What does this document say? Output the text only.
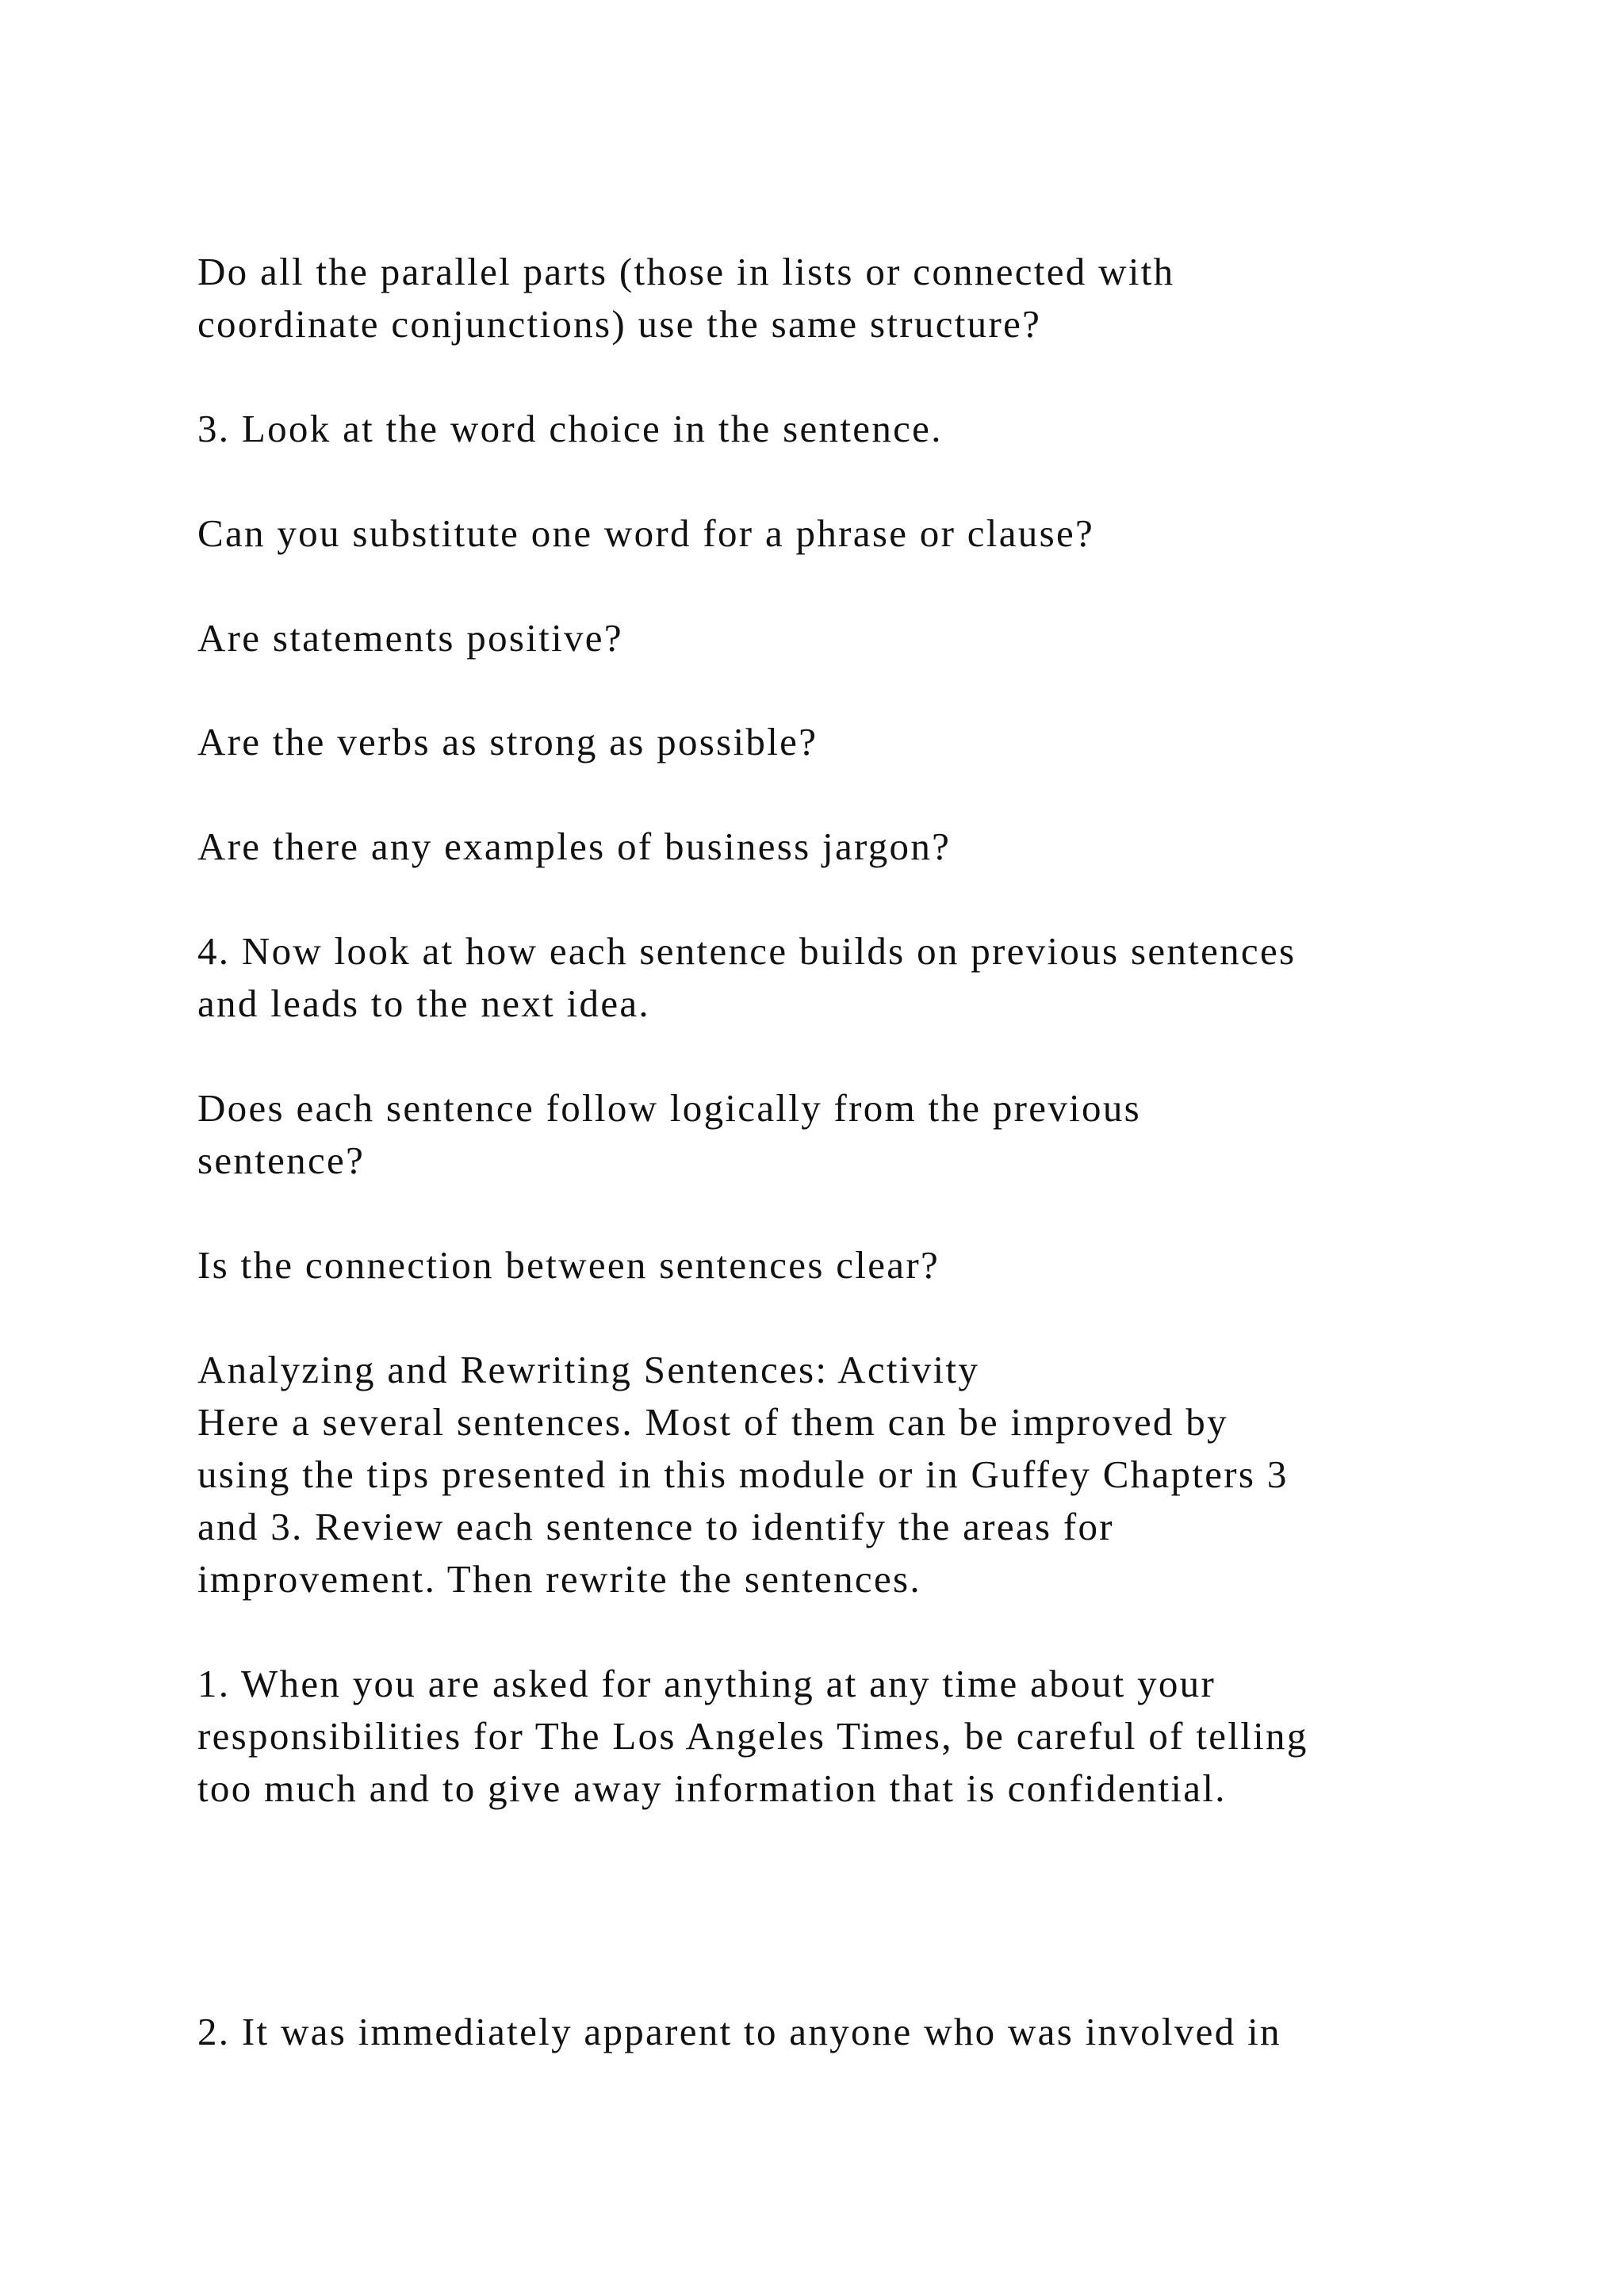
Do all the parallel parts (those in lists or connected with

coordinate conjunctions) use the same structure?

3. Look at the word choice in the sentence.

Can you substitute one word for a phrase or clause?

Are statements positive?

Are the verbs as strong as possible?

Are there any examples of business jargon?

4. Now look at how each sentence builds on previous sentences

and leads to the next idea.

Does each sentence follow logically from the previous

sentence?

Is the connection between sentences clear?

Analyzing and Rewriting Sentences: Activity

Here a several sentences. Most of them can be improved by

using the tips presented in this module or in Guffey Chapters 3

and 3. Review each sentence to identify the areas for

improvement. Then rewrite the sentences.

1. When you are asked for anything at any time about your

responsibilities for The Los Angeles Times, be careful of telling

too much and to give away information that is confidential.

2. It was immediately apparent to anyone who was involved in
